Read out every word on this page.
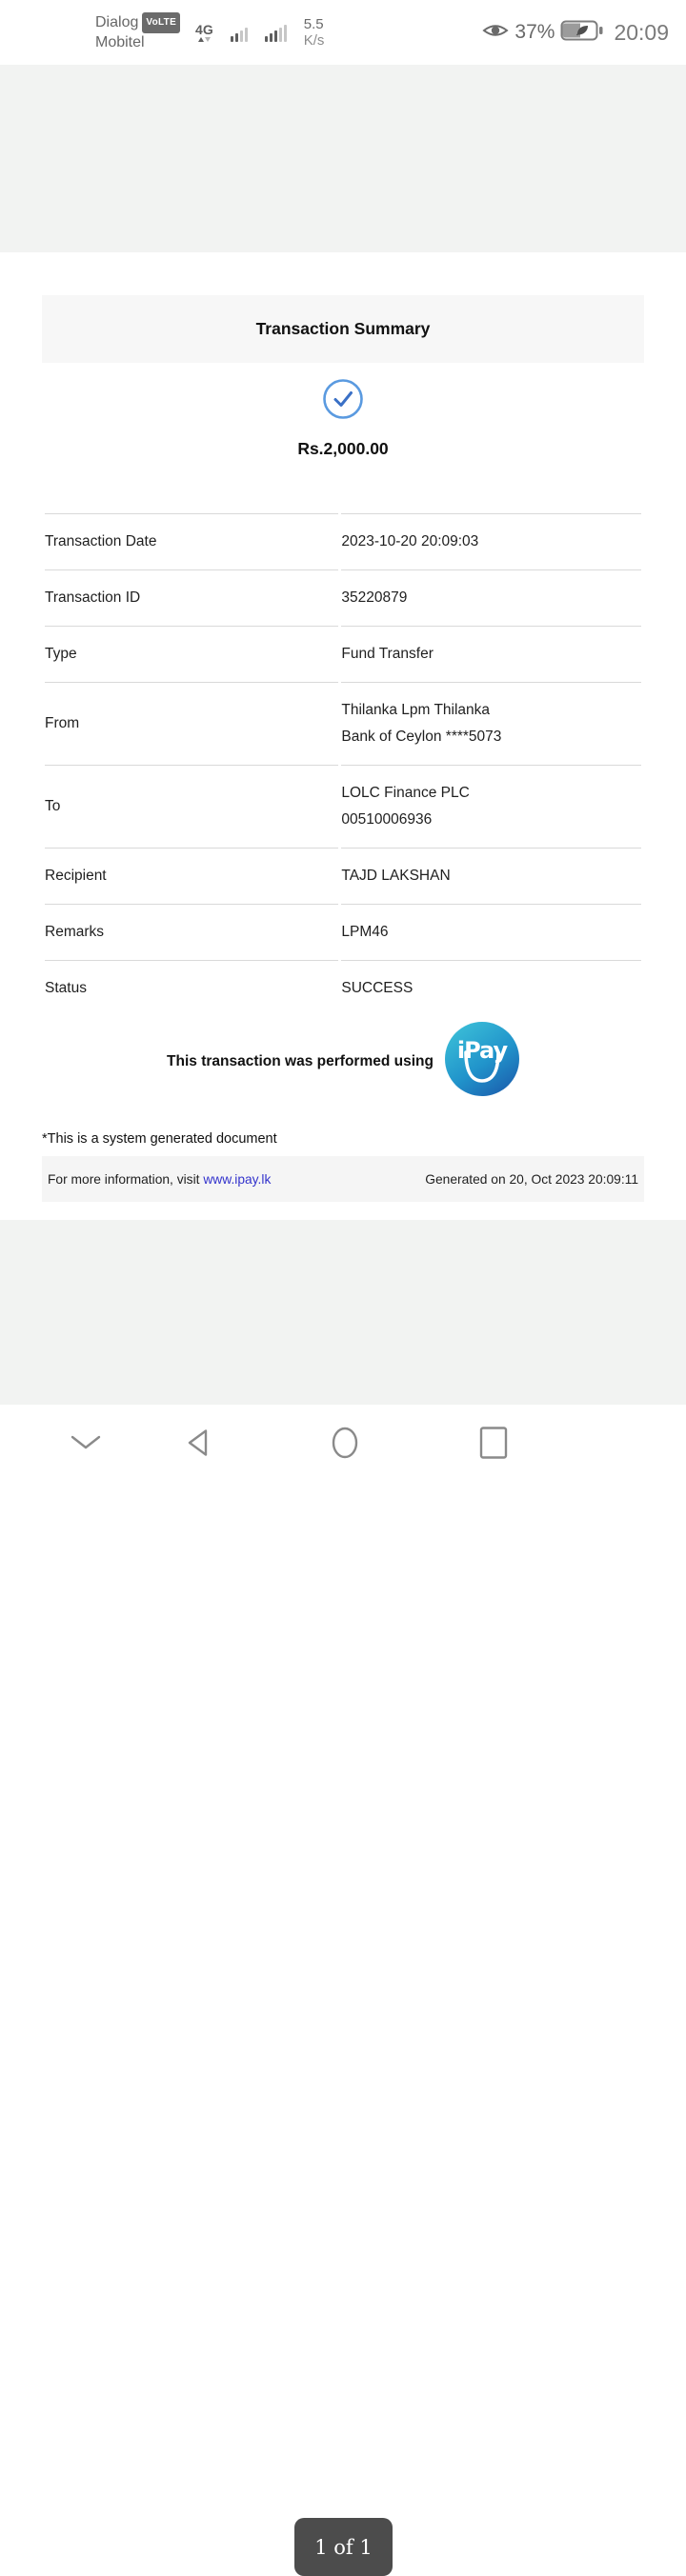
Dialog VoLTE
Mobitel
4G	5.5
K/s	37%	20:09
1 of 1
Transaction Summary
Rs.2,000.00
Transaction Date	2023-10-20 20:09:03

Transaction ID	35220879

Type	Fund Transfer

From	Thilanka Lpm Thilanka
Bank of Ceylon ****5073

To	LOLC Finance PLC
00510006936

Recipient	TAJD LAKSHAN

Remarks	LPM46

Status	SUCCESS
This transaction was performed using iPay
*This is a system generated document
For more information, visit www.ipay.lk	Generated on 20, Oct 2023 20:09:11
